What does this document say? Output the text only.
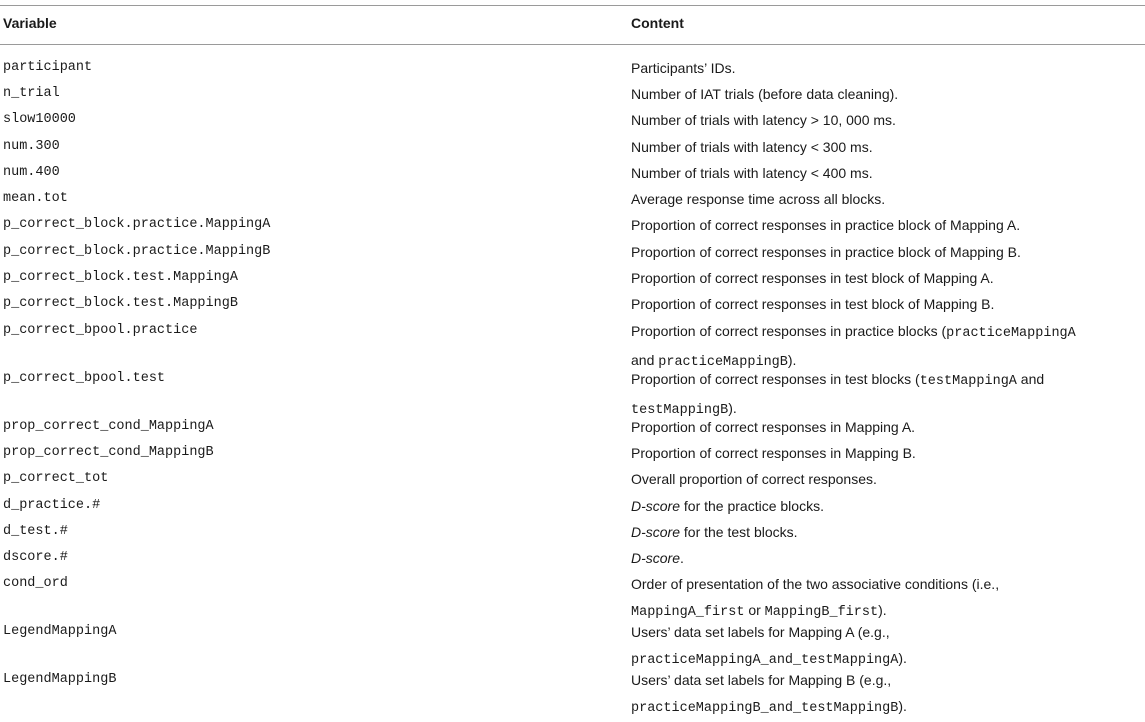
Variable	Content
participant	Participants’ IDs.
n_trial	Number of IAT trials (before data cleaning).
slow10000	Number of trials with latency > 10, 000 ms.
num.300	Number of trials with latency < 300 ms.
num.400	Number of trials with latency < 400 ms.
mean.tot	Average response time across all blocks.
p_correct_block.practice.MappingA	Proportion of correct responses in practice block of Mapping A.
p_correct_block.practice.MappingB	Proportion of correct responses in practice block of Mapping B.
p_correct_block.test.MappingA	Proportion of correct responses in test block of Mapping A.
p_correct_block.test.MappingB	Proportion of correct responses in test block of Mapping B.
p_correct_bpool.practice	Proportion of correct responses in practice blocks (practiceMappingA
and practiceMappingB).
p_correct_bpool.test	Proportion of correct responses in test blocks (testMappingA and
testMappingB).
prop_correct_cond_MappingA	Proportion of correct responses in Mapping A.
prop_correct_cond_MappingB	Proportion of correct responses in Mapping B.
p_correct_tot	Overall proportion of correct responses.
d_practice.#	D-score for the practice blocks.
d_test.#	D-score for the test blocks.
dscore.#	D-score.
cond_ord	Order of presentation of the two associative conditions (i.e.,
MappingA_first or MappingB_first).
LegendMappingA	Users’ data set labels for Mapping A (e.g.,
practiceMappingA_and_testMappingA).
LegendMappingB	Users’ data set labels for Mapping B (e.g.,
practiceMappingB_and_testMappingB).
